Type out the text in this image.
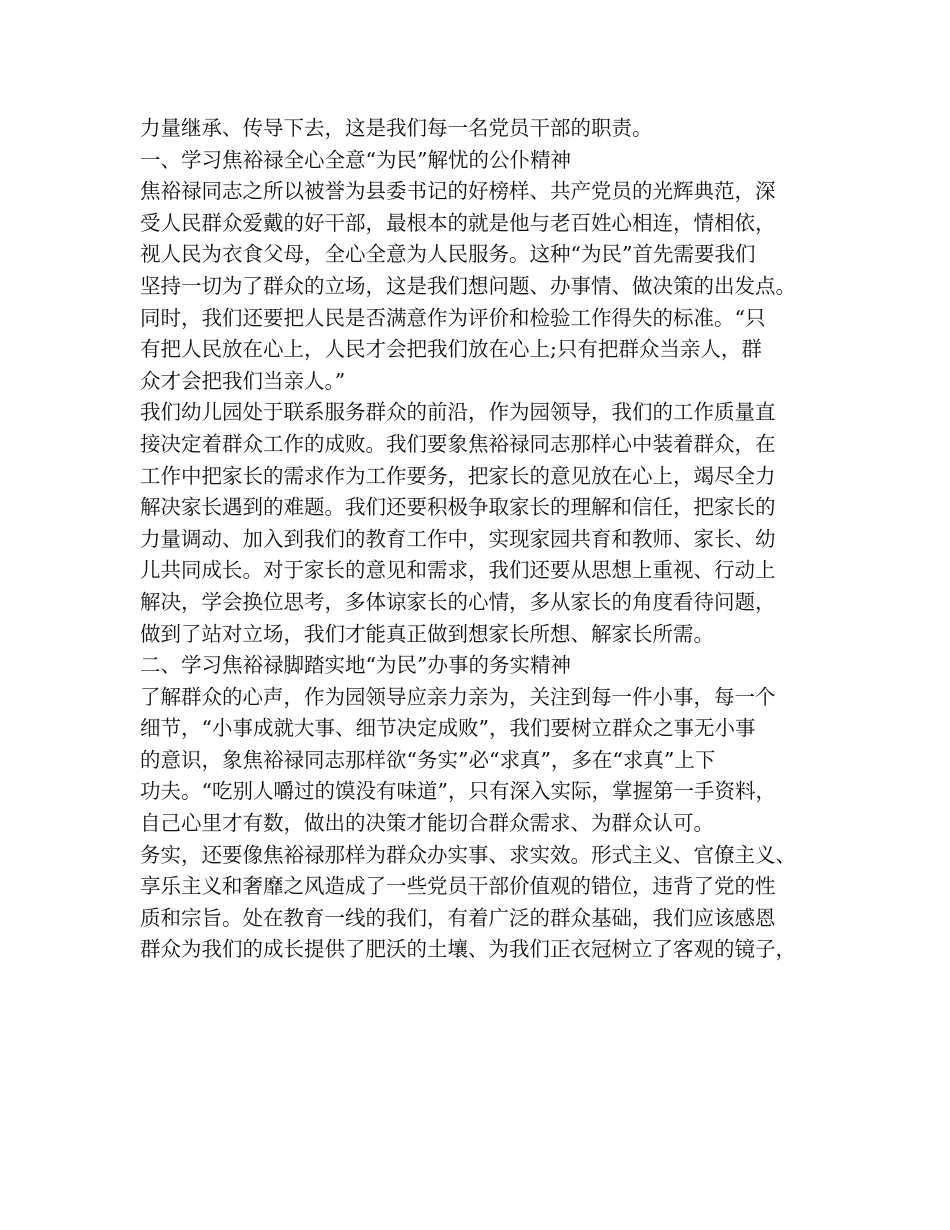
力量继承、传导下去，这是我们每一名党员干部的职责。
一、学习焦裕禄全心全意“为民”解忧的公仆精神
焦裕禄同志之所以被誉为县委书记的好榜样、共产党员的光辉典范，深
受人民群众爱戴的好干部，最根本的就是他与老百姓心相连，情相依，
视人民为衣食父母，全心全意为人民服务。这种“为民”首先需要我们
坚持一切为了群众的立场，这是我们想问题、办事情、做决策的出发点。
同时，我们还要把人民是否满意作为评价和检验工作得失的标准。“只
有把人民放在心上，人民才会把我们放在心上;只有把群众当亲人，群
众才会把我们当亲人。”
我们幼儿园处于联系服务群众的前沿，作为园领导，我们的工作质量直
接决定着群众工作的成败。我们要象焦裕禄同志那样心中装着群众，在
工作中把家长的需求作为工作要务，把家长的意见放在心上，竭尽全力
解决家长遇到的难题。我们还要积极争取家长的理解和信任，把家长的
力量调动、加入到我们的教育工作中，实现家园共育和教师、家长、幼
儿共同成长。对于家长的意见和需求，我们还要从思想上重视、行动上
解决，学会换位思考，多体谅家长的心情，多从家长的角度看待问题，
做到了站对立场，我们才能真正做到想家长所想、解家长所需。
二、学习焦裕禄脚踏实地“为民”办事的务实精神
了解群众的心声，作为园领导应亲力亲为，关注到每一件小事，每一个
细节，“小事成就大事、细节决定成败”，我们要树立群众之事无小事
的意识，象焦裕禄同志那样欲“务实”必“求真”，多在“求真”上下
功夫。“吃别人嚼过的馍没有味道”，只有深入实际，掌握第一手资料，
自己心里才有数，做出的决策才能切合群众需求、为群众认可。
务实，还要像焦裕禄那样为群众办实事、求实效。形式主义、官僚主义、
享乐主义和奢靡之风造成了一些党员干部价值观的错位，违背了党的性
质和宗旨。处在教育一线的我们，有着广泛的群众基础，我们应该感恩
群众为我们的成长提供了肥沃的土壤、为我们正衣冠树立了客观的镜子，
